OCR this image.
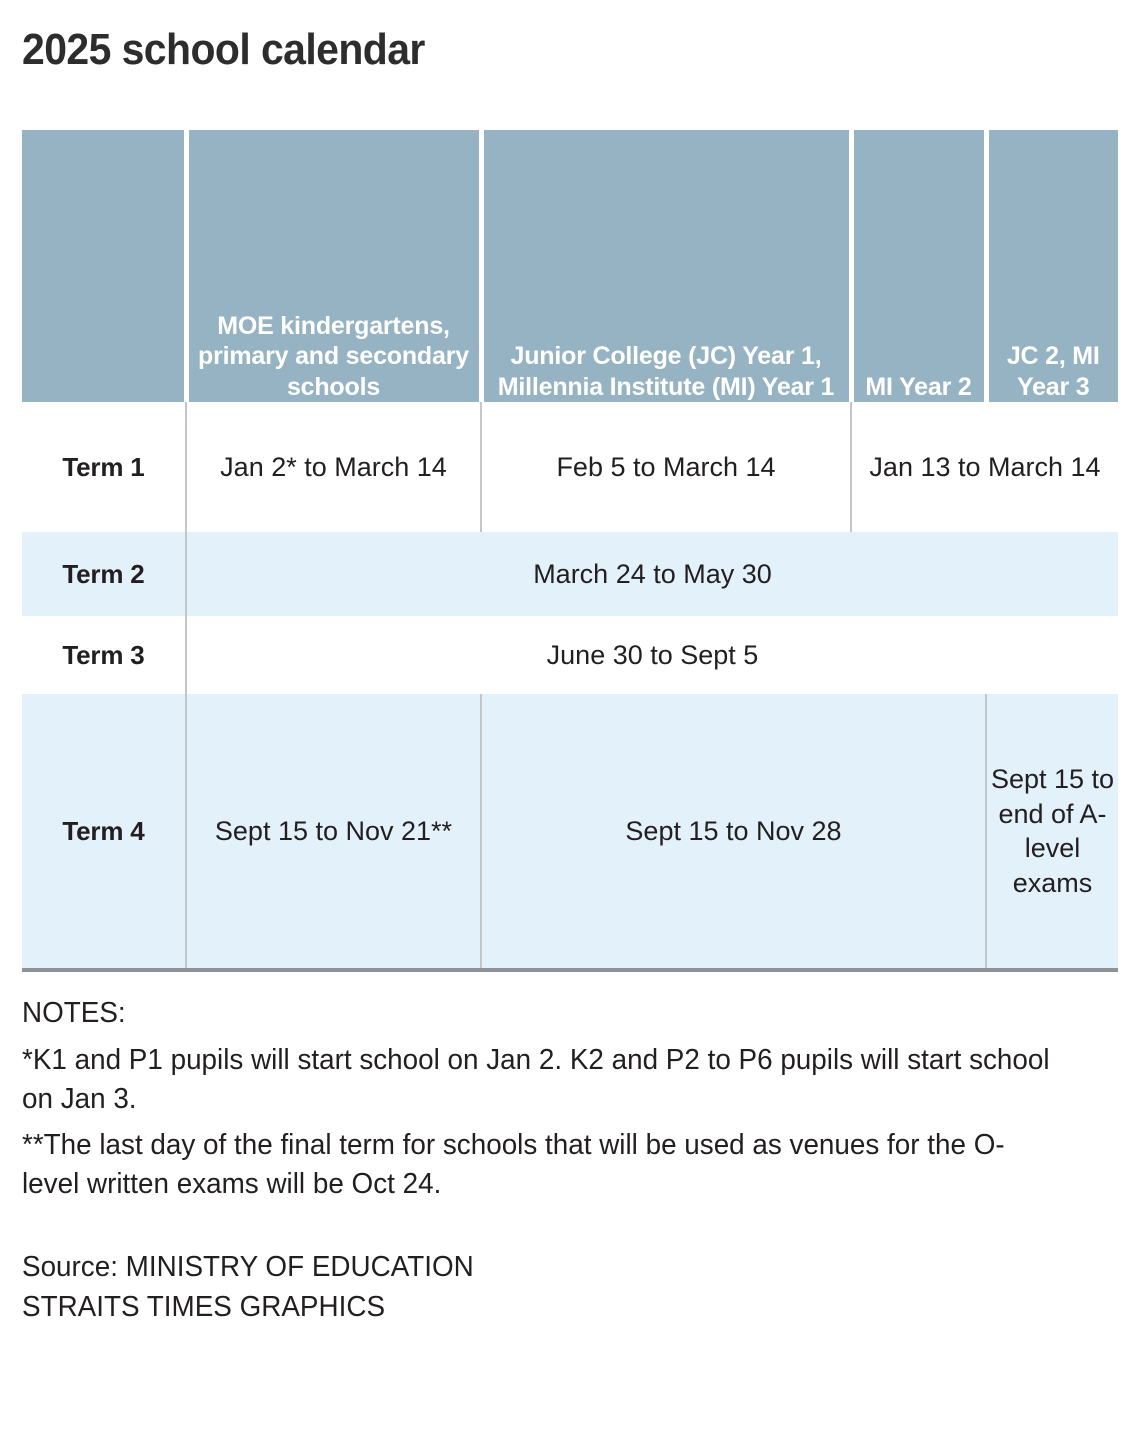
2025 school calendar
	MOE kindergartens, primary and secondary schools	Junior College (JC) Year 1, Millennia Institute (MI) Year 1	MI Year 2	JC 2, MI Year 3
Term 1	Jan 2* to March 14	Feb 5 to March 14	Jan 13 to March 14	
Term 2	March 24 to May 30			
Term 3	June 30 to Sept 5			
Term 4	Sept 15 to Nov 21**	Sept 15 to Nov 28		Sept 15 to end of A-level exams

NOTES:

*K1 and P1 pupils will start school on Jan 2. K2 and P2 to P6 pupils will start school on Jan 3.

**The last day of the final term for schools that will be used as venues for the O-level written exams will be Oct 24.

Source: MINISTRY OF EDUCATION

STRAITS TIMES GRAPHICS
